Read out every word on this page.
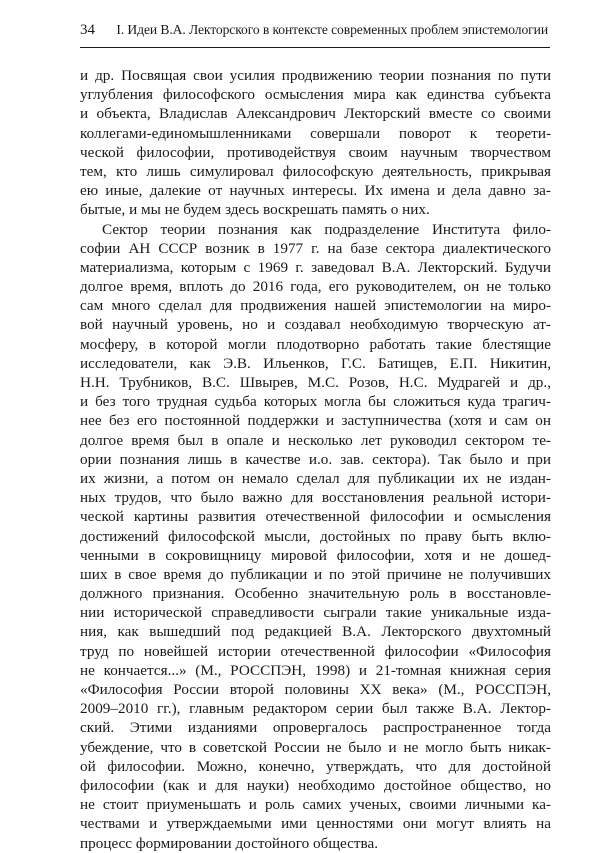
34	I. Идеи В.А. Лекторского в контексте современных проблем эпистемологии
и др. Посвящая свои усилия продвижению теории познания по пути
углубления философского осмысления мира как единства субъекта
и объекта, Владислав Александрович Лекторский вместе со своими
коллегами-единомышленниками совершали поворот к теорети-
ческой философии, противодействуя своим научным творчеством
тем, кто лишь симулировал философскую деятельность, прикрывая
ею иные, далекие от научных интересы. Их имена и дела давно за-
бытые, и мы не будем здесь воскрешать память о них.
Сектор теории познания как подразделение Института фило-
софии АН СССР возник в 1977 г. на базе сектора диалектического
материализма, которым с 1969 г. заведовал В.А. Лекторский. Будучи
долгое время, вплоть до 2016 года, его руководителем, он не только
сам много сделал для продвижения нашей эпистемологии на миро-
вой научный уровень, но и создавал необходимую творческую ат-
мосферу, в которой могли плодотворно работать такие блестящие
исследователи, как Э.В. Ильенков, Г.С. Батищев, Е.П. Никитин,
Н.Н. Трубников, В.С. Швырев, М.С. Розов, Н.С. Мудрагей и др.,
и без того трудная судьба которых могла бы сложиться куда трагич-
нее без его постоянной поддержки и заступничества (хотя и сам он
долгое время был в опале и несколько лет руководил сектором те-
ории познания лишь в качестве и.о. зав. сектора). Так было и при
их жизни, а потом он немало сделал для публикации их не издан-
ных трудов, что было важно для восстановления реальной истори-
ческой картины развития отечественной философии и осмысления
достижений философской мысли, достойных по праву быть вклю-
ченными в сокровищницу мировой философии, хотя и не дошед-
ших в свое время до публикации и по этой причине не получивших
должного признания. Особенно значительную роль в восстановле-
нии исторической справедливости сыграли такие уникальные изда-
ния, как вышедший под редакцией В.А. Лекторского двухтомный
труд по новейшей истории отечественной философии «Философия
не кончается...» (М., РОССПЭН, 1998) и 21-томная книжная серия
«Философия России второй половины XX века» (М., РОССПЭН,
2009–2010 гг.), главным редактором серии был также В.А. Лектор-
ский. Этими изданиями опровергалось распространенное тогда
убеждение, что в советской России не было и не могло быть никак-
ой философии. Можно, конечно, утверждать, что для достойной
философии (как и для науки) необходимо достойное общество, но
не стоит приуменьшать и роль самих ученых, своими личными ка-
чествами и утверждаемыми ими ценностями они могут влиять на
процесс формировании достойного общества.
